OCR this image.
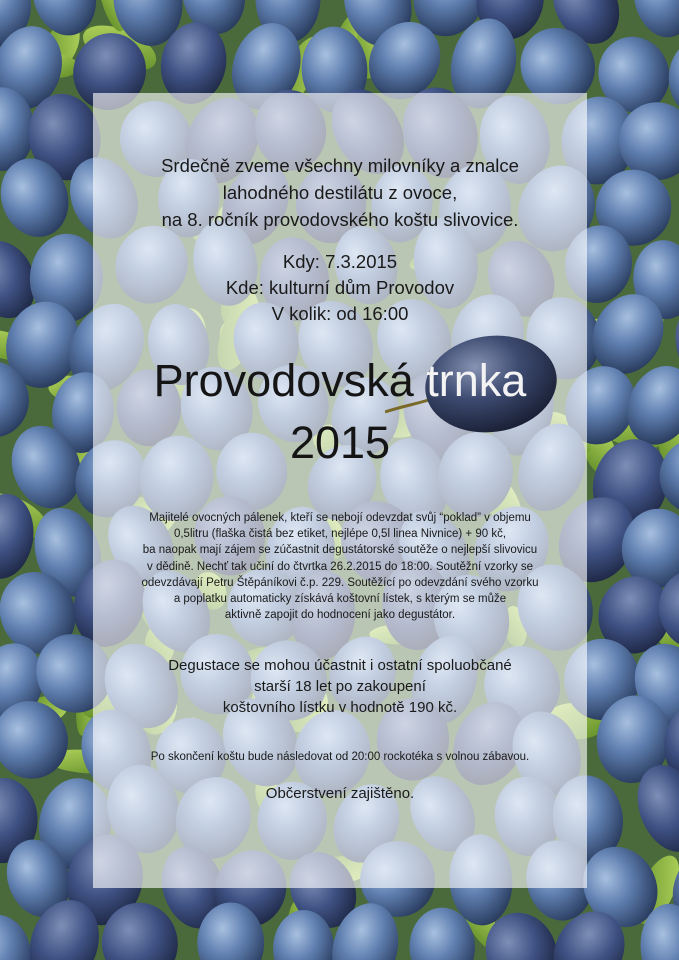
Srdečně zveme všechny milovníky a znalce
lahodného destilátu z ovoce,
na 8. ročník provodovského koštu slivovice.
Kdy: 7.3.2015
Kde: kulturní dům Provodov
V kolik: od 16:00
Provodovská trnka
2015
Majitelé ovocných pálenek, kteří se nebojí odevzdat svůj “poklad” v objemu
0,5litru (flaška čistá bez etiket, nejlépe 0,5l linea Nivnice) + 90 kč,
ba naopak mají zájem se zúčastnit degustátorské soutěže o nejlepší slivovicu
v dědině. Nechť tak učiní do čtvrtka 26.2.2015 do 18:00. Soutěžní vzorky se
odevzdávají Petru Štěpáníkovi č.p. 229. Soutěžící po odevzdání svého vzorku
a poplatku automaticky získává koštovní lístek, s kterým se může
aktivně zapojit do hodnocení jako degustátor.
Degustace se mohou účastnit i ostatní spoluobčané
starší 18 let po zakoupení
koštovního lístku v hodnotě 190 kč.
Po skončení koštu bude následovat od 20:00 rockotéka s volnou zábavou.
Občerstvení zajištěno.
